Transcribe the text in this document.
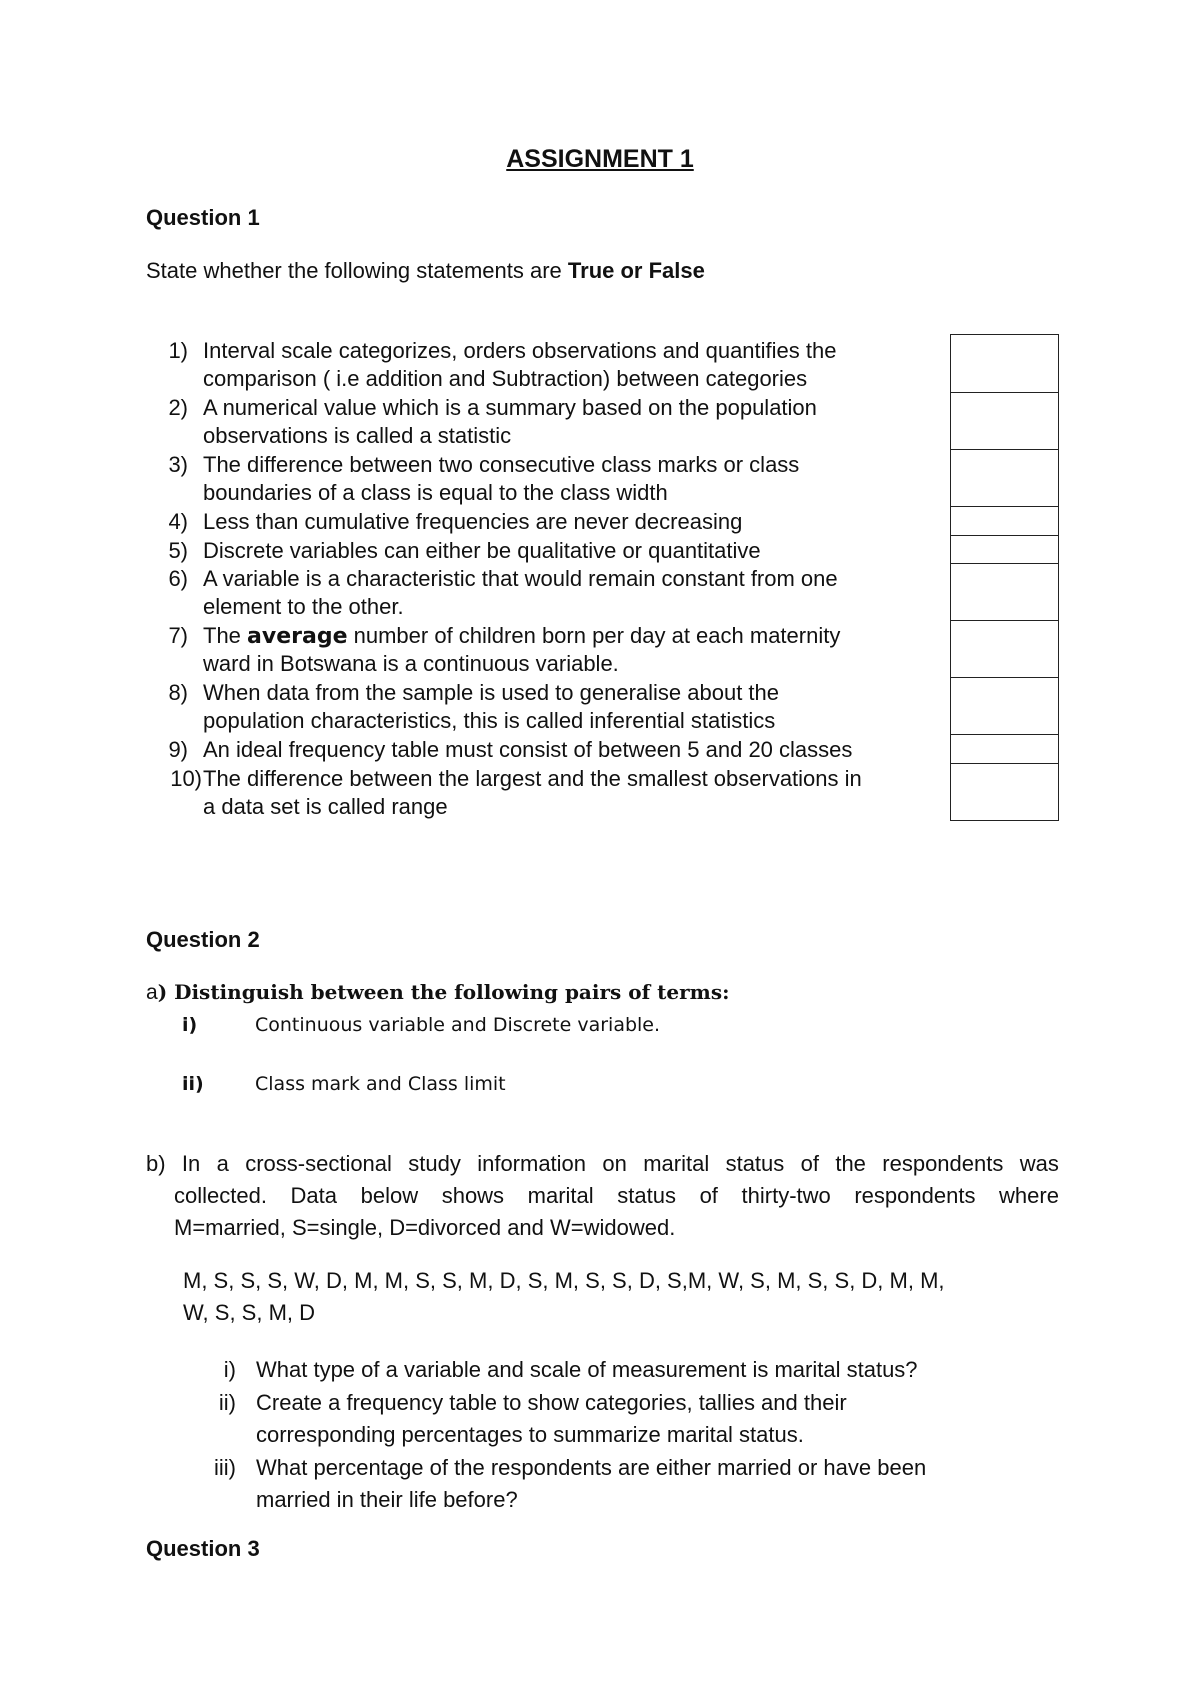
ASSIGNMENT 1
Question 1
State whether the following statements are True or False
1) Interval scale categorizes, orders observations and quantifies the
comparison ( i.e addition and Subtraction) between categories
2) A numerical value which is a summary based on the population
observations is called a statistic
3) The difference between two consecutive class marks or class
boundaries of a class is equal to the class width
4) Less than cumulative frequencies are never decreasing
5) Discrete variables can either be qualitative or quantitative
6) A variable is a characteristic that would remain constant from one
element to the other.
7) The average number of children born per day at each maternity
ward in Botswana is a continuous variable.
8) When data from the sample is used to generalise about the
population characteristics, this is called inferential statistics
9) An ideal frequency table must consist of between 5 and 20 classes
10) The difference between the largest and the smallest observations in
a data set is called range
Question 2
a) Distinguish between the following pairs of terms:
i)	Continuous variable and Discrete variable.
ii)	Class mark and Class limit
b) In a cross-sectional study information on marital status of the respondents was
collected. Data below shows marital status of thirty-two respondents where
M=married, S=single, D=divorced and W=widowed.
M, S, S, S, W, D, M, M, S, S, M, D, S, M, S, S, D, S,M, W, S, M, S, S, D, M, M,
W, S, S, M, D
i) What type of a variable and scale of measurement is marital status?
ii) Create a frequency table to show categories, tallies and their
corresponding percentages to summarize marital status.
iii) What percentage of the respondents are either married or have been
married in their life before?
Question 3
